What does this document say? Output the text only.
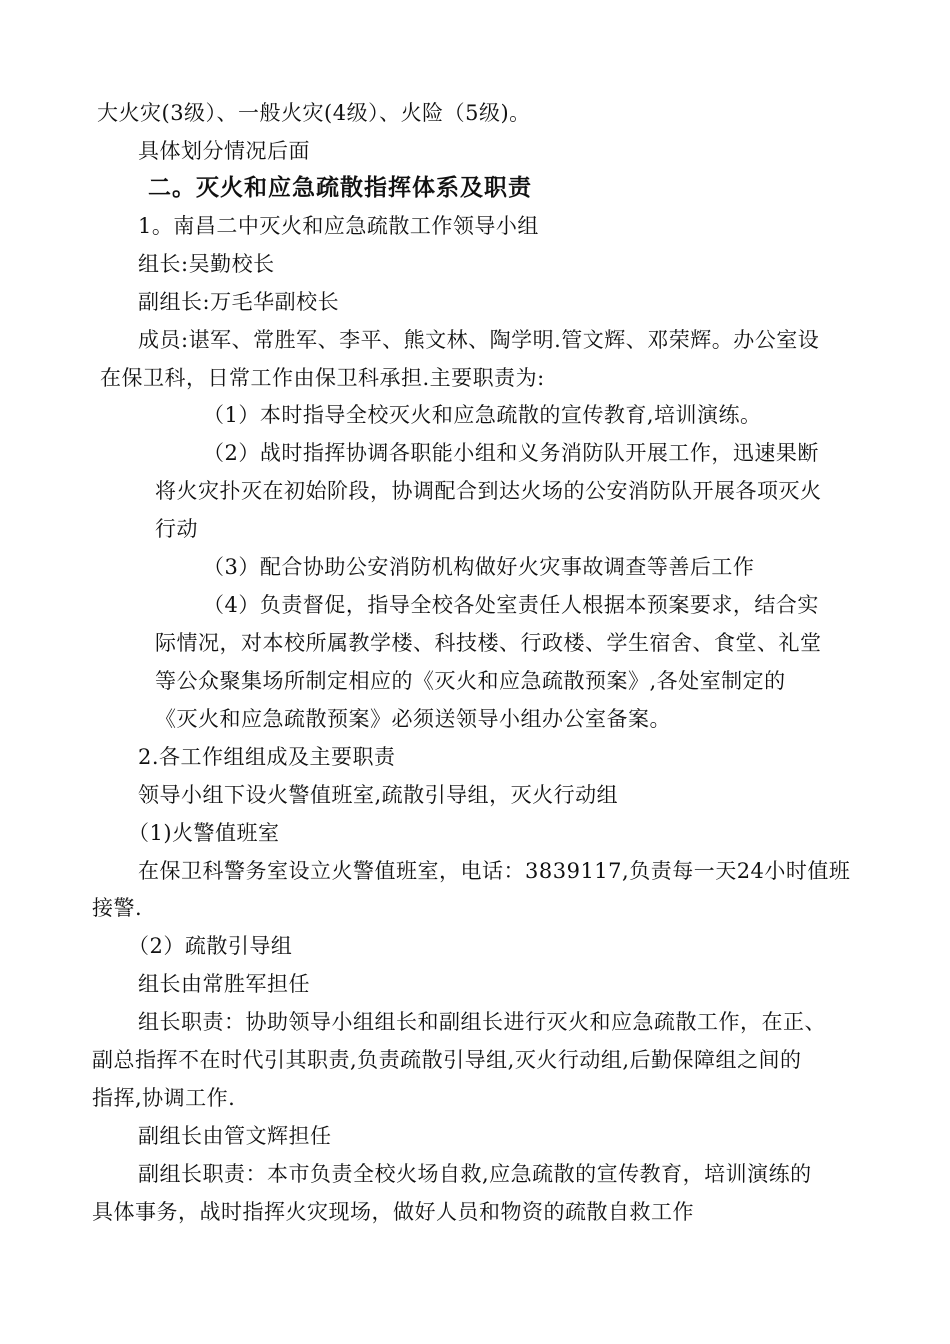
大火灾(3级）、一般火灾(4级）、火险（5级)。
具体划分情况后面
二。灭火和应急疏散指挥体系及职责
1。南昌二中灭火和应急疏散工作领导小组
组长:吴勤校长
副组长:万毛华副校长
成员:谌军、常胜军、李平、熊文林、陶学明.管文辉、邓荣辉。办公室设
在保卫科，日常工作由保卫科承担.主要职责为:
（1）本时指导全校灭火和应急疏散的宣传教育,培训演练。
（2）战时指挥协调各职能小组和义务消防队开展工作，迅速果断
将火灾扑灭在初始阶段，协调配合到达火场的公安消防队开展各项灭火
行动
（3）配合协助公安消防机构做好火灾事故调查等善后工作
（4）负责督促，指导全校各处室责任人根据本预案要求，结合实
际情况，对本校所属教学楼、科技楼、行政楼、学生宿舍、食堂、礼堂
等公众聚集场所制定相应的《灭火和应急疏散预案》,各处室制定的
《灭火和应急疏散预案》必须送领导小组办公室备案。
2.各工作组组成及主要职责
领导小组下设火警值班室,疏散引导组，灭火行动组
（1)火警值班室
在保卫科警务室设立火警值班室，电话：3839117,负责每一天24小时值班
接警.
（2）疏散引导组
组长由常胜军担任
组长职责：协助领导小组组长和副组长进行灭火和应急疏散工作，在正、
副总指挥不在时代引其职责,负责疏散引导组,灭火行动组,后勤保障组之间的
指挥,协调工作.
副组长由管文辉担任
副组长职责：本市负责全校火场自救,应急疏散的宣传教育，培训演练的
具体事务，战时指挥火灾现场，做好人员和物资的疏散自救工作
